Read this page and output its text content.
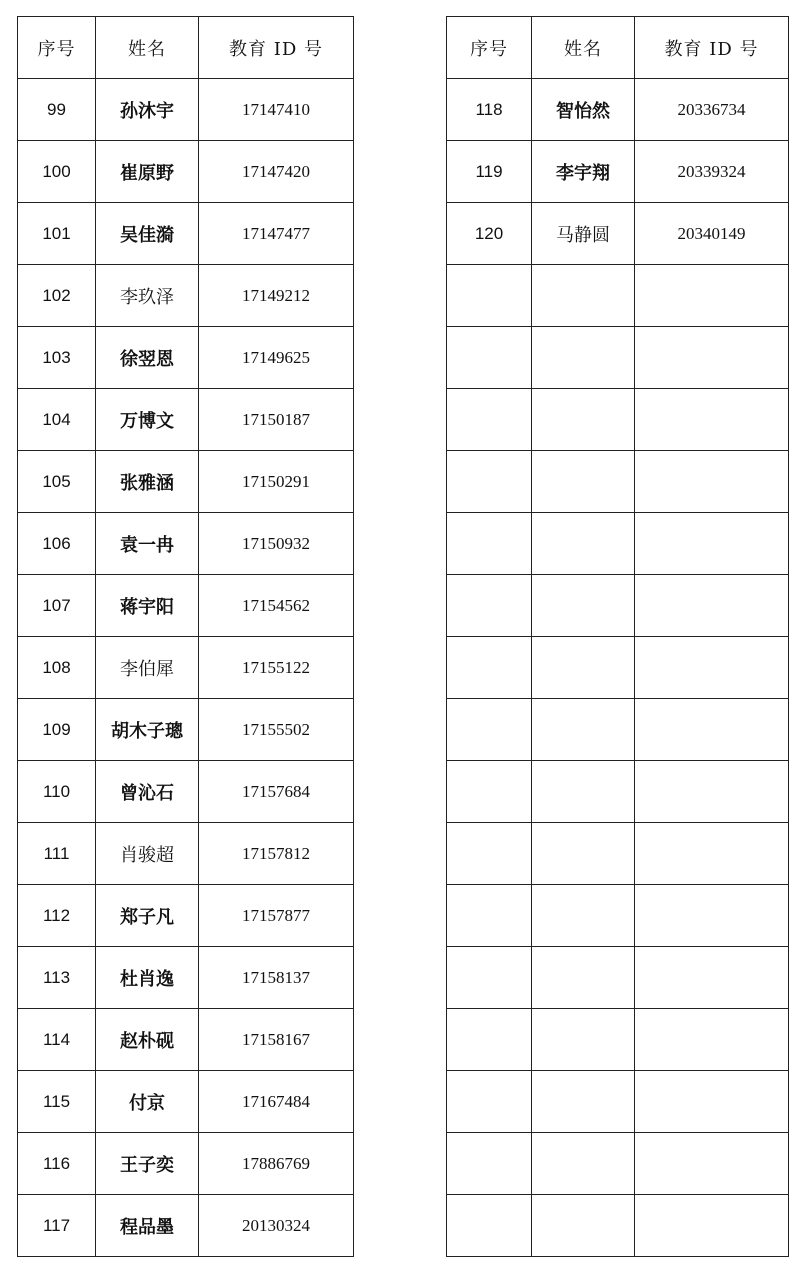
序号	姓名	教育 ID 号
99	孙沐宇	17147410
100	崔原野	17147420
101	吴佳漪	17147477
102	李玖泽	17149212
103	徐翌恩	17149625
104	万博文	17150187
105	张雅涵	17150291
106	袁一冉	17150932
107	蒋宇阳	17154562
108	李伯犀	17155122
109	胡木子璁	17155502
110	曾沁石	17157684
111	肖骏超	17157812
112	郑子凡	17157877
113	杜肖逸	17158137
114	赵朴砚	17158167
115	付京	17167484
116	王子奕	17886769
117	程品墨	20130324
序号	姓名	教育 ID 号
118	智怡然	20336734
119	李宇翔	20339324
120	马静圆	20340149
